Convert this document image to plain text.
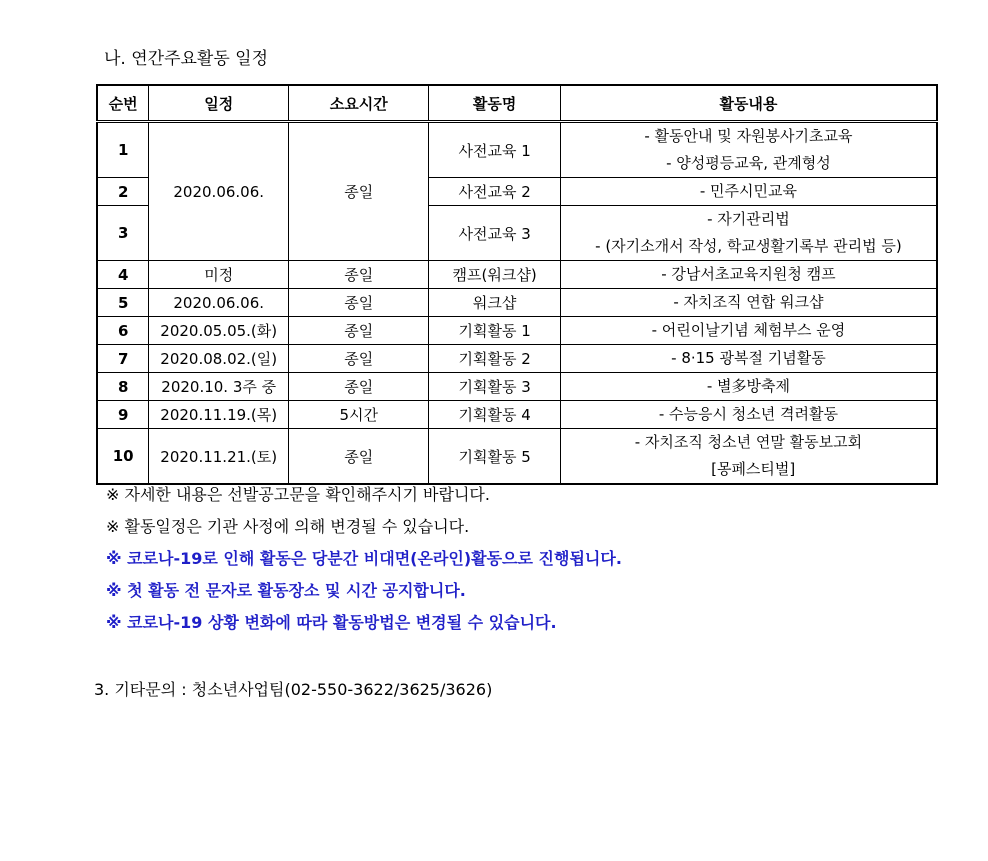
나. 연간주요활동 일정
순번	일정	소요시간	활동명	활동내용
1	2020.06.06.	종일	사전교육 1	- 활동안내 및 자원봉사기초교육
- 양성평등교육, 관계형성

2			사전교육 2	- 민주시민교육

3			사전교육 3	- 자기관리법
- (자기소개서 작성, 학교생활기록부 관리법 등)

4	미정	종일	캠프(워크샵)	- 강남서초교육지원청 캠프

5	2020.06.06.	종일	워크샵	- 자치조직 연합 워크샵

6	2020.05.05.(화)	종일	기획활동 1	- 어린이날기념 체험부스 운영

7	2020.08.02.(일)	종일	기획활동 2	- 8·15 광복절 기념활동

8	2020.10. 3주 중	종일	기획활동 3	- 별多방축제

9	2020.11.19.(목)	5시간	기획활동 4	- 수능응시 청소년 격려활동

10	2020.11.21.(토)	종일	기획활동 5	- 자치조직 청소년 연말 활동보고회
[몽페스티벌]
※ 자세한 내용은 선발공고문을 확인해주시기 바랍니다.
※ 활동일정은 기관 사정에 의해 변경될 수 있습니다.
※ 코로나-19로 인해 활동은 당분간 비대면(온라인)활동으로 진행됩니다.
※ 첫 활동 전 문자로 활동장소 및 시간 공지합니다.
※ 코로나-19 상황 변화에 따라 활동방법은 변경될 수 있습니다.
3. 기타문의 : 청소년사업팀(02-550-3622/3625/3626)
